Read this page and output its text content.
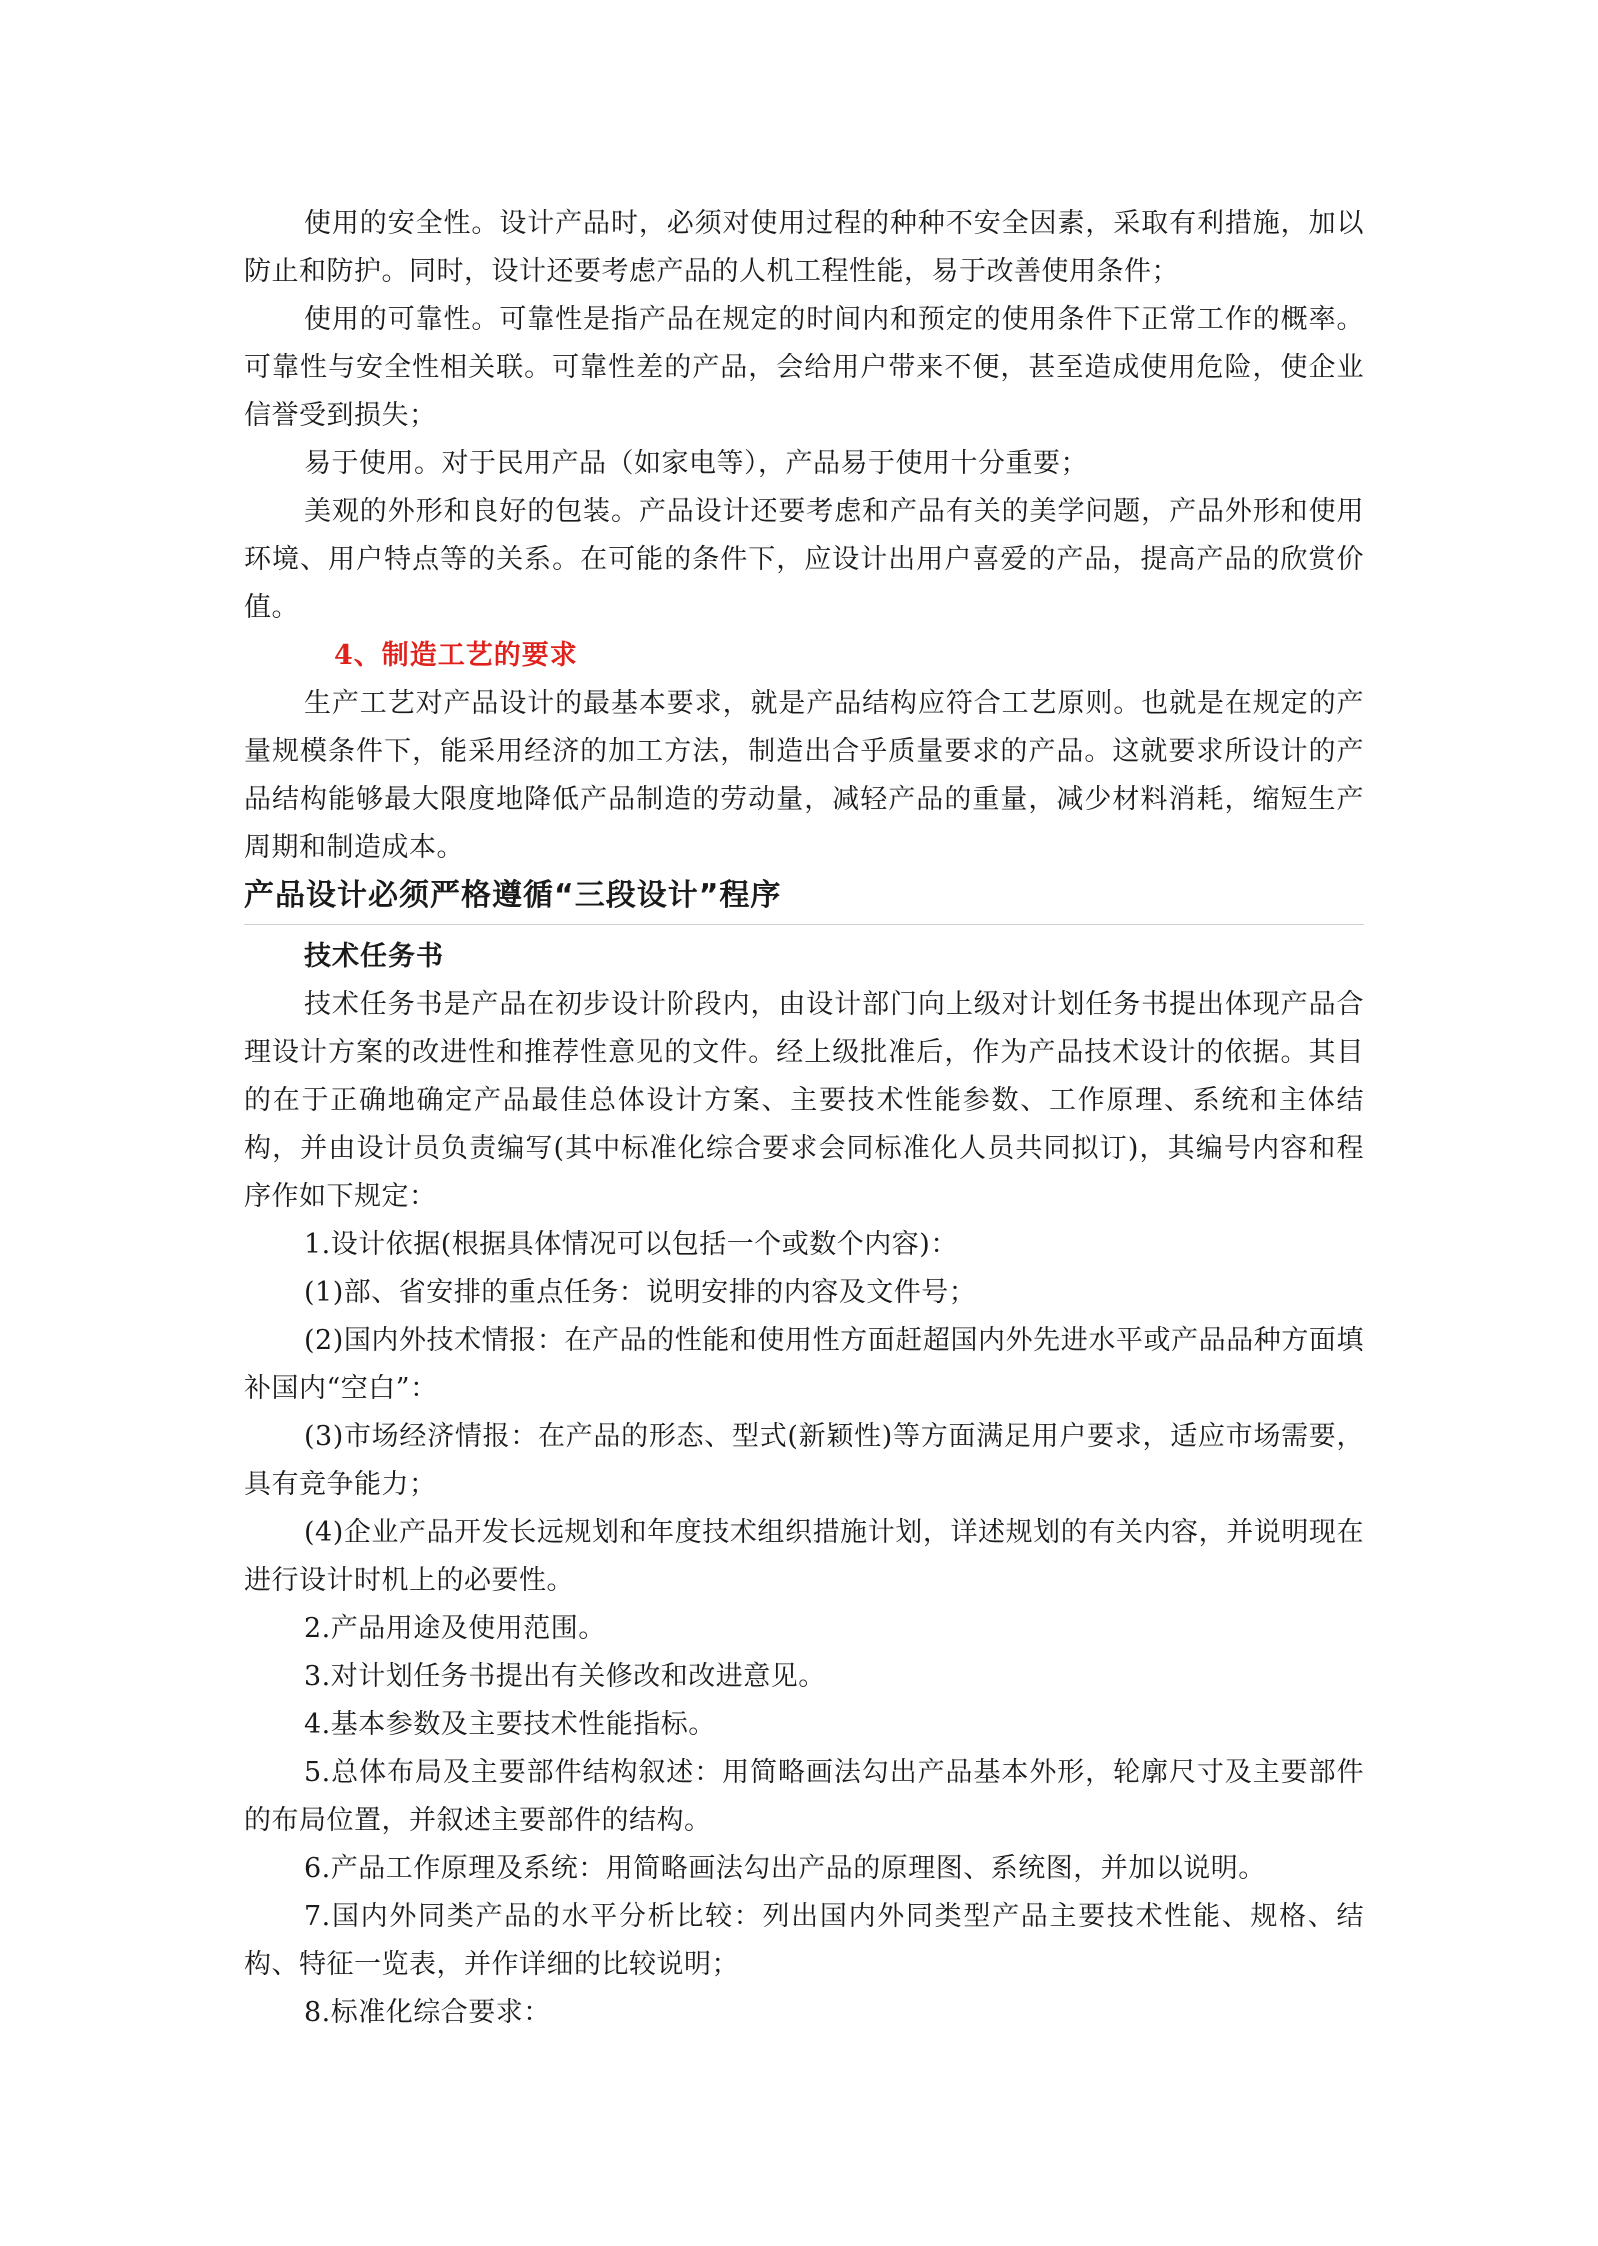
使用的安全性。设计产品时，必须对使用过程的种种不安全因素，采取有利措施，加以防止和防护。同时，设计还要考虑产品的人机工程性能，易于改善使用条件；

使用的可靠性。可靠性是指产品在规定的时间内和预定的使用条件下正常工作的概率。可靠性与安全性相关联。可靠性差的产品，会给用户带来不便，甚至造成使用危险，使企业信誉受到损失；

易于使用。对于民用产品（如家电等），产品易于使用十分重要；

美观的外形和良好的包装。产品设计还要考虑和产品有关的美学问题，产品外形和使用环境、用户特点等的关系。在可能的条件下，应设计出用户喜爱的产品，提高产品的欣赏价值。

4、制造工艺的要求

生产工艺对产品设计的最基本要求，就是产品结构应符合工艺原则。也就是在规定的产量规模条件下，能采用经济的加工方法，制造出合乎质量要求的产品。这就要求所设计的产品结构能够最大限度地降低产品制造的劳动量，减轻产品的重量，减少材料消耗，缩短生产周期和制造成本。

产品设计必须严格遵循“三段设计”程序

技术任务书

技术任务书是产品在初步设计阶段内，由设计部门向上级对计划任务书提出体现产品合理设计方案的改进性和推荐性意见的文件。经上级批准后，作为产品技术设计的依据。其目的在于正确地确定产品最佳总体设计方案、主要技术性能参数、工作原理、系统和主体结构，并由设计员负责编写(其中标准化综合要求会同标准化人员共同拟订)，其编号内容和程序作如下规定：

1.设计依据(根据具体情况可以包括一个或数个内容)：

(1)部、省安排的重点任务：说明安排的内容及文件号；

(2)国内外技术情报：在产品的性能和使用性方面赶超国内外先进水平或产品品种方面填补国内“空白”：

(3)市场经济情报：在产品的形态、型式(新颖性)等方面满足用户要求，适应市场需要，具有竞争能力；

(4)企业产品开发长远规划和年度技术组织措施计划，详述规划的有关内容，并说明现在进行设计时机上的必要性。

2.产品用途及使用范围。

3.对计划任务书提出有关修改和改进意见。

4.基本参数及主要技术性能指标。

5.总体布局及主要部件结构叙述：用简略画法勾出产品基本外形，轮廓尺寸及主要部件的布局位置，并叙述主要部件的结构。

6.产品工作原理及系统：用简略画法勾出产品的原理图、系统图，并加以说明。

7.国内外同类产品的水平分析比较：列出国内外同类型产品主要技术性能、规格、结构、特征一览表，并作详细的比较说明；

8.标准化综合要求：
